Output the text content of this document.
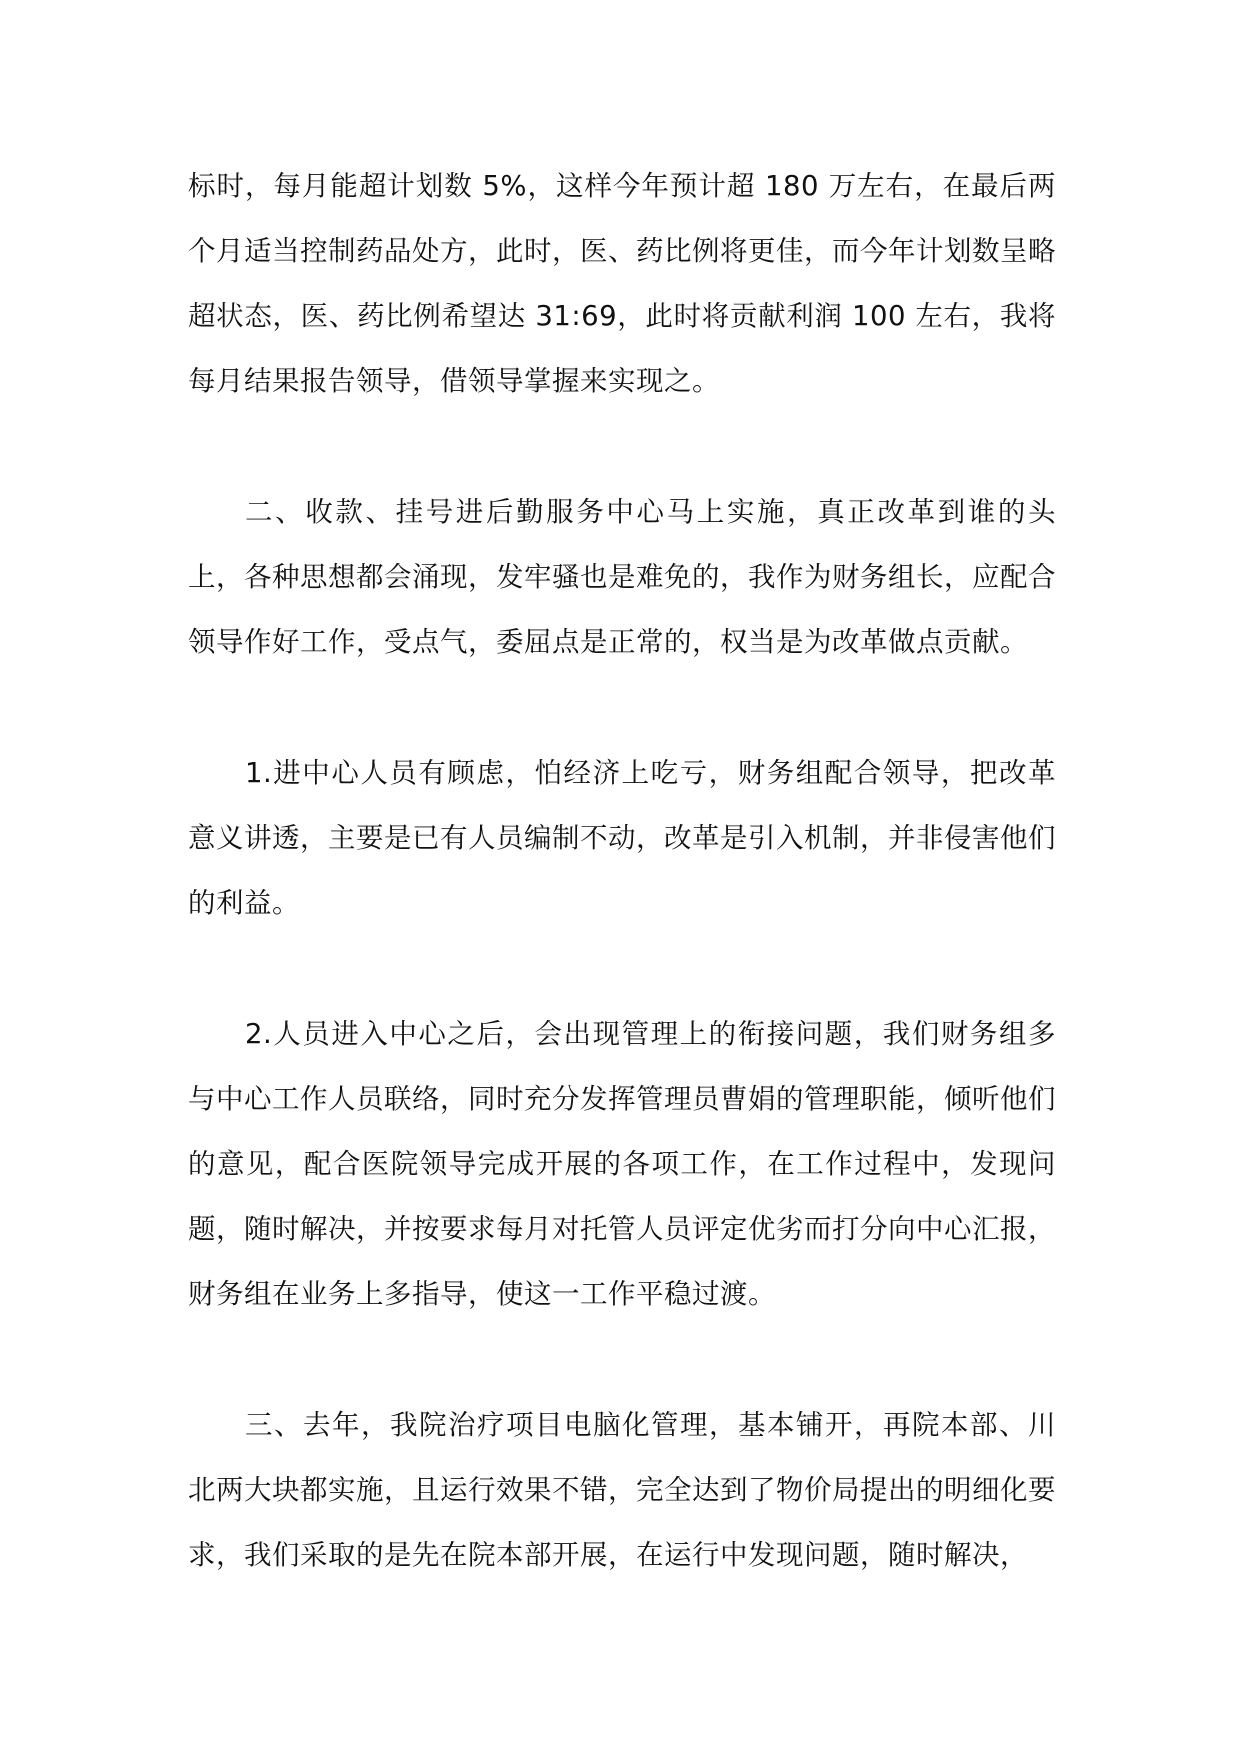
标时，每月能超计划数 5%，这样今年预计超 180 万左右，在最后两个月适当控制药品处方，此时，医、药比例将更佳，而今年计划数呈略超状态，医、药比例希望达 31:69，此时将贡献利润 100 左右，我将每月结果报告领导，借领导掌握来实现之。

二、收款、挂号进后勤服务中心马上实施，真正改革到谁的头上，各种思想都会涌现，发牢骚也是难免的，我作为财务组长，应配合领导作好工作，受点气，委屈点是正常的，权当是为改革做点贡献。

1.进中心人员有顾虑，怕经济上吃亏，财务组配合领导，把改革意义讲透，主要是已有人员编制不动，改革是引入机制，并非侵害他们的利益。

2.人员进入中心之后，会出现管理上的衔接问题，我们财务组多与中心工作人员联络，同时充分发挥管理员曹娟的管理职能，倾听他们的意见，配合医院领导完成开展的各项工作，在工作过程中，发现问题，随时解决，并按要求每月对托管人员评定优劣而打分向中心汇报，财务组在业务上多指导，使这一工作平稳过渡。

三、去年，我院治疗项目电脑化管理，基本铺开，再院本部、川北两大块都实施，且运行效果不错，完全达到了物价局提出的明细化要求，我们采取的是先在院本部开展，在运行中发现问题，随时解决，
